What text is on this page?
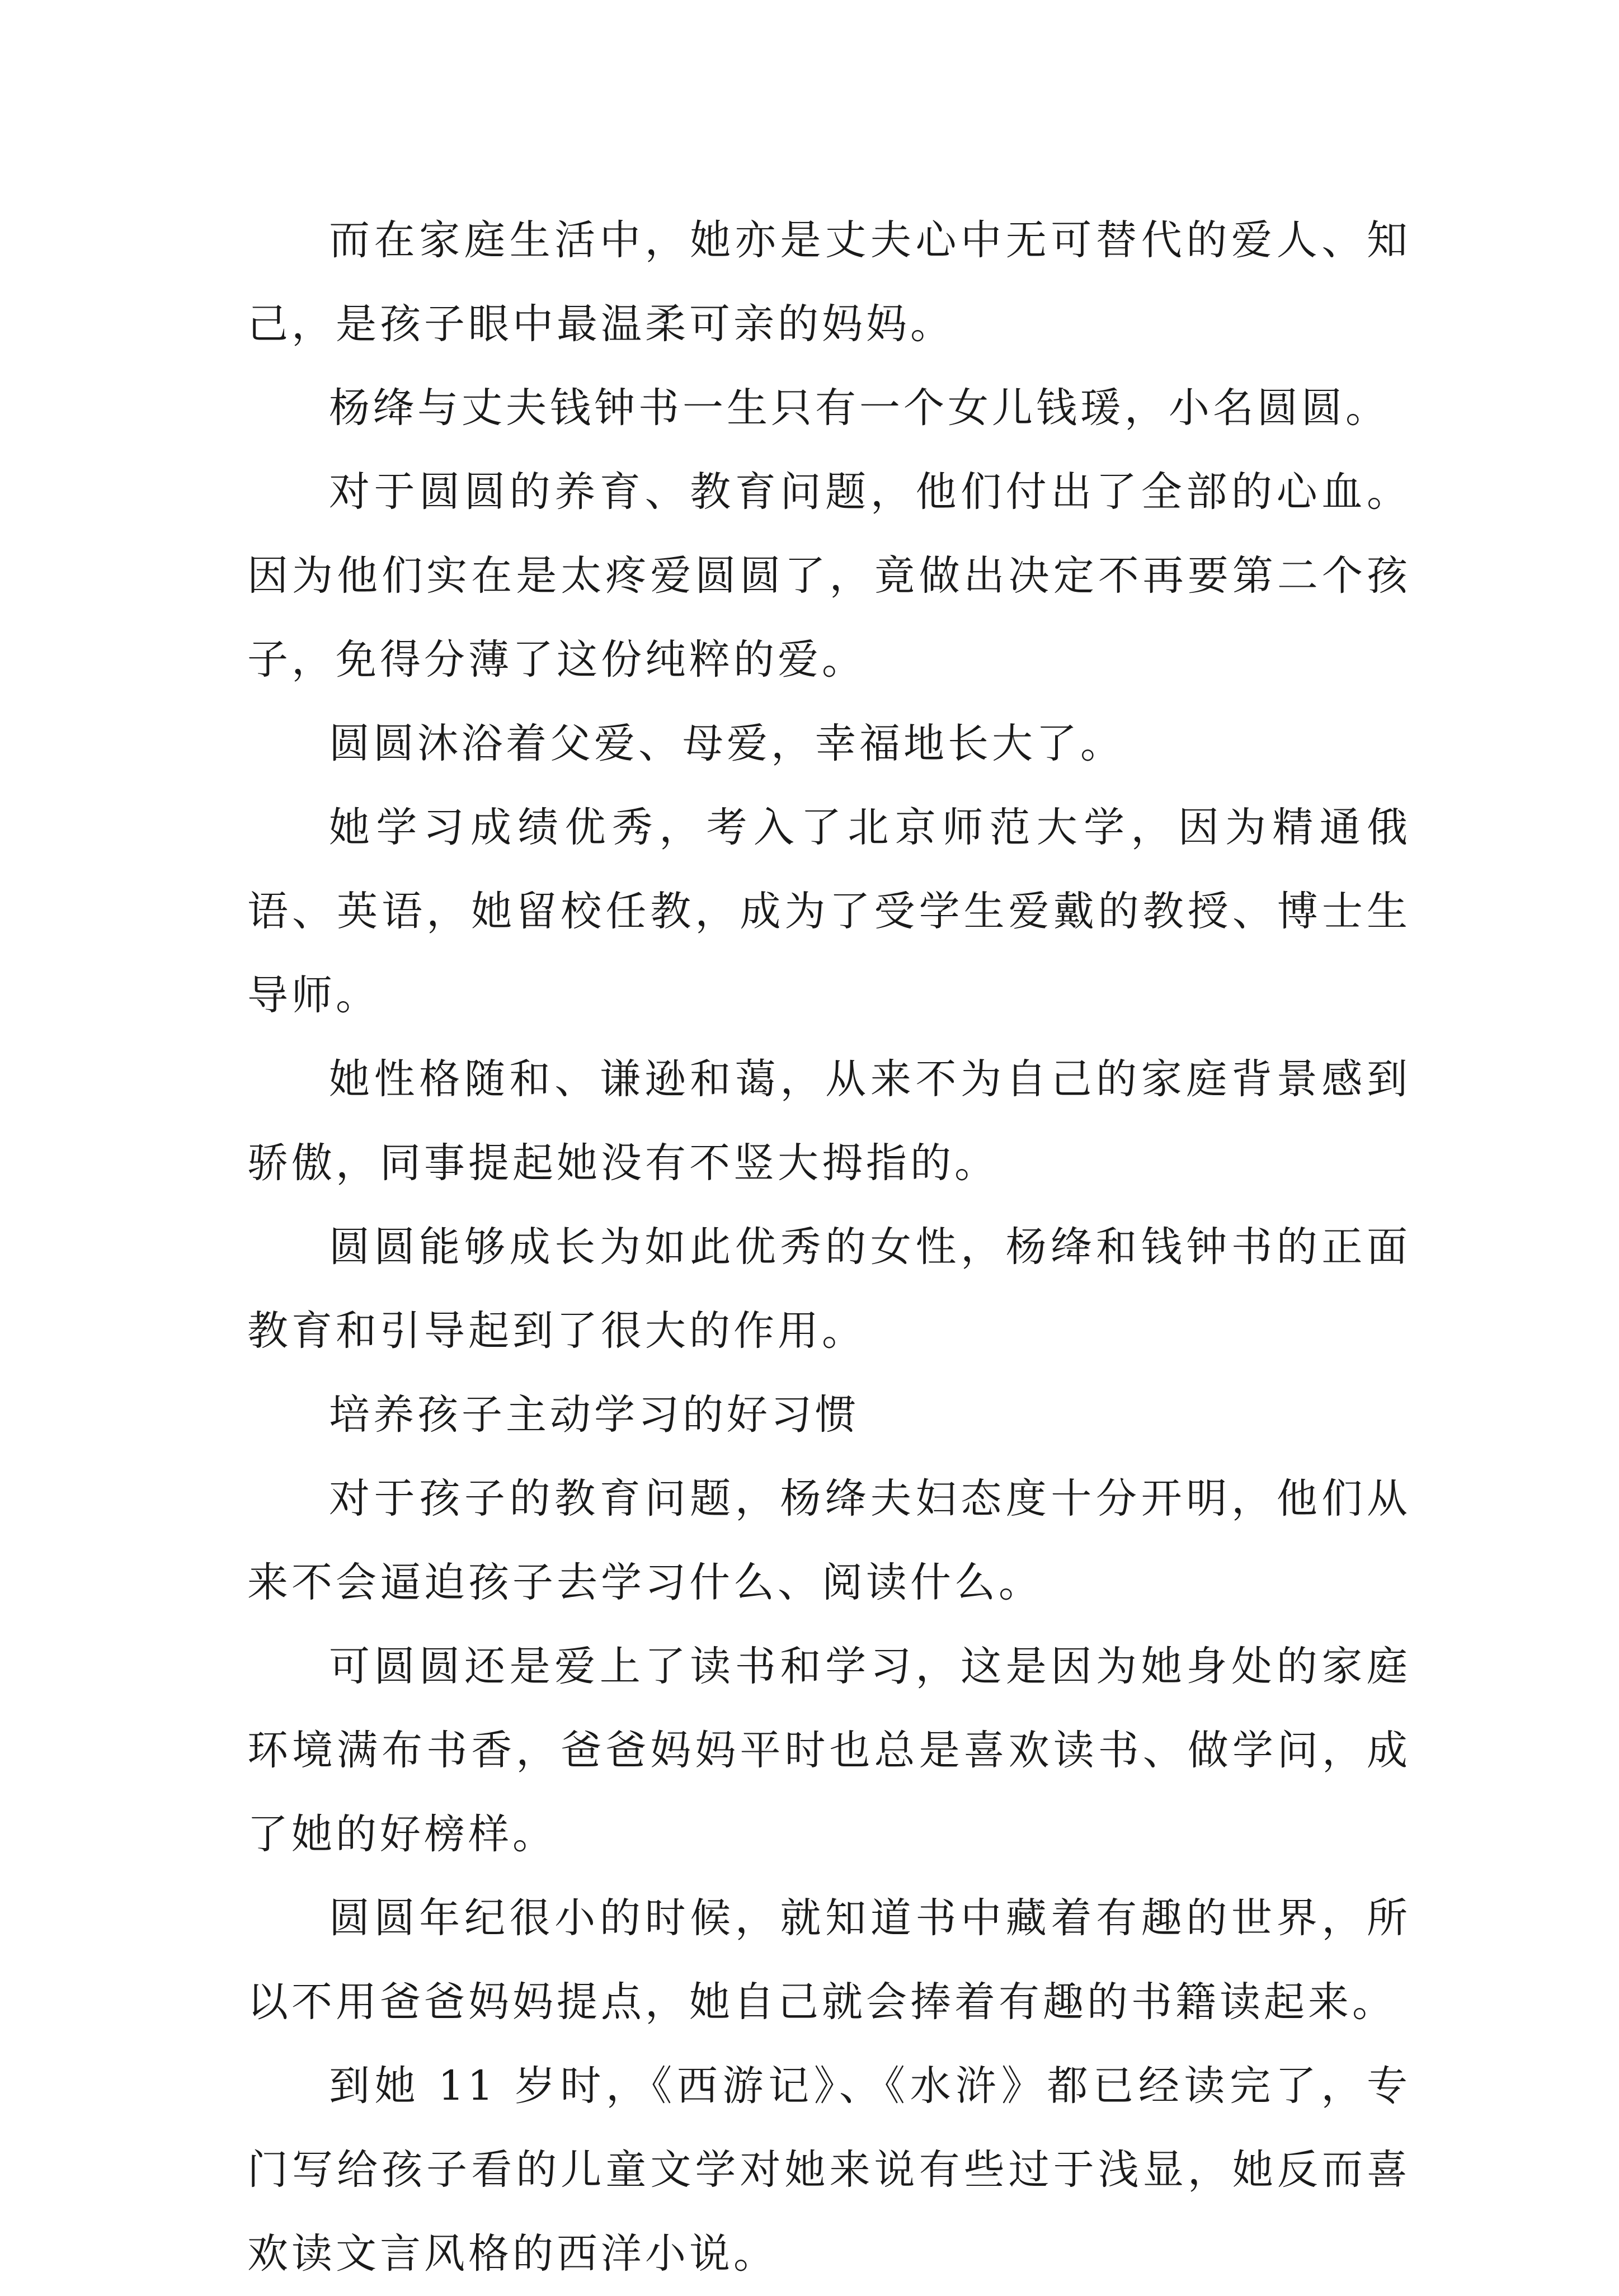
而在家庭生活中，她亦是丈夫心中无可替代的爱人、知己，是孩子眼中最温柔可亲的妈妈。

杨绛与丈夫钱钟书一生只有一个女儿钱瑗，小名圆圆。

对于圆圆的养育、教育问题，他们付出了全部的心血。因为他们实在是太疼爱圆圆了，竟做出决定不再要第二个孩子，免得分薄了这份纯粹的爱。

圆圆沐浴着父爱、母爱，幸福地长大了。

她学习成绩优秀，考入了北京师范大学，因为精通俄语、英语，她留校任教，成为了受学生爱戴的教授、博士生导师。

她性格随和、谦逊和蔼，从来不为自己的家庭背景感到骄傲，同事提起她没有不竖大拇指的。

圆圆能够成长为如此优秀的女性，杨绛和钱钟书的正面教育和引导起到了很大的作用。

培养孩子主动学习的好习惯

对于孩子的教育问题，杨绛夫妇态度十分开明，他们从来不会逼迫孩子去学习什么、阅读什么。

可圆圆还是爱上了读书和学习，这是因为她身处的家庭环境满布书香，爸爸妈妈平时也总是喜欢读书、做学问，成了她的好榜样。

圆圆年纪很小的时候，就知道书中藏着有趣的世界，所以不用爸爸妈妈提点，她自己就会捧着有趣的书籍读起来。

到她 11 岁时，《西游记》、《水浒》都已经读完了，专门写给孩子看的儿童文学对她来说有些过于浅显，她反而喜欢读文言风格的西洋小说。
